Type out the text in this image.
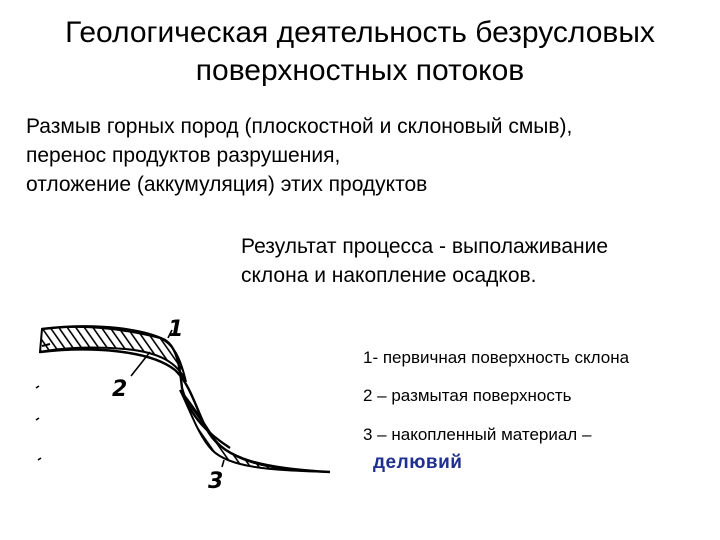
Геологическая деятельность безрусловых
поверхностных потоков
Размыв горных пород (плоскостной и склоновый смыв),
перенос продуктов разрушения,
отложение (аккумуляция) этих продуктов
Результат процесса - выполаживание
склона и накопление осадков.
1
2
3
1- первичная поверхность склона
2 – размытая поверхность
3 – накопленный материал –
делювий
